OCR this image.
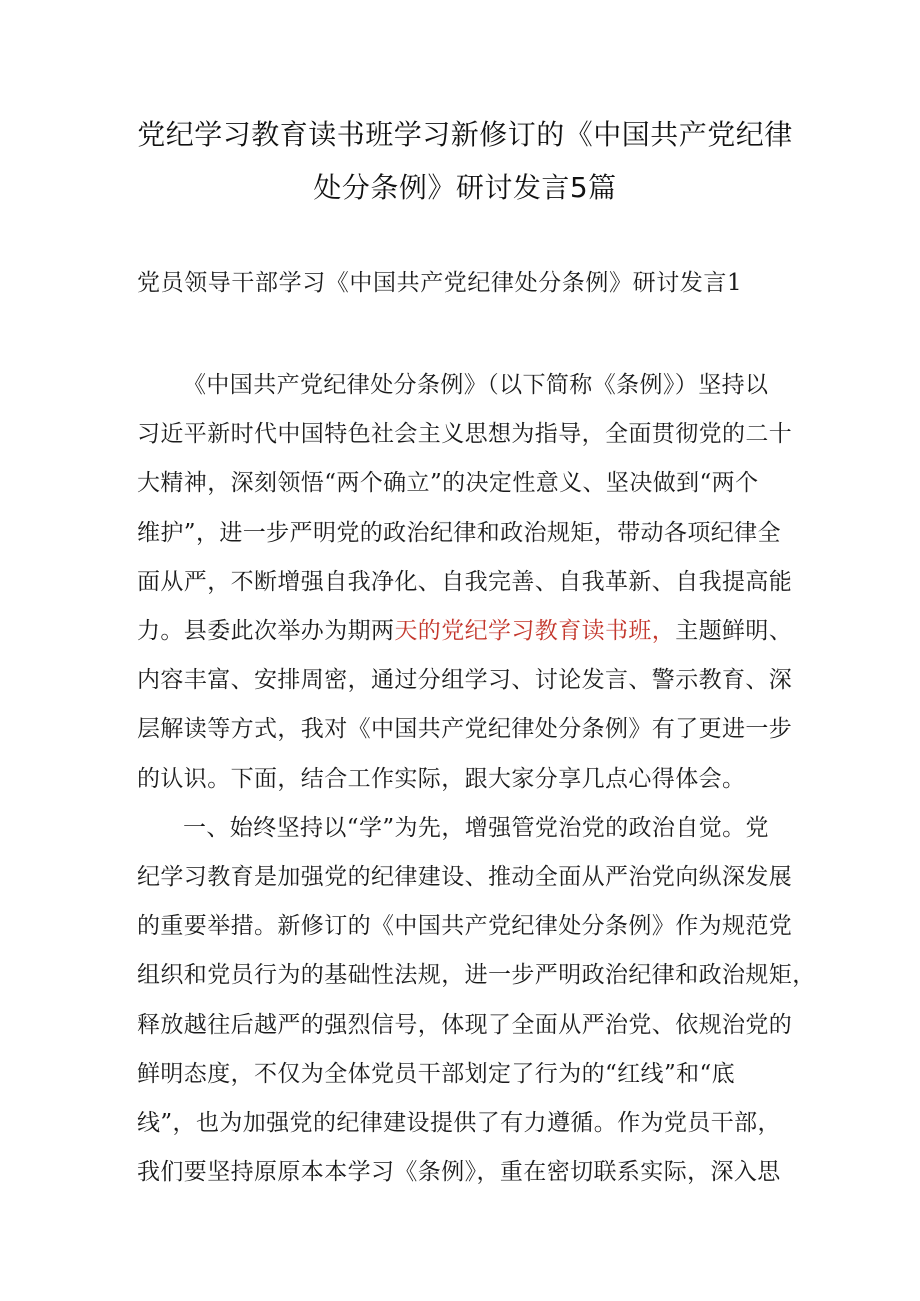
党纪学习教育读书班学习新修订的《中国共产党纪律
处分条例》研讨发言5篇
党员领导干部学习《中国共产党纪律处分条例》研讨发言1
《中国共产党纪律处分条例》（以下简称《条例》）坚持以
习近平新时代中国特色社会主义思想为指导，全面贯彻党的二十
大精神，深刻领悟“两个确立”的决定性意义、坚决做到“两个
维护”，进一步严明党的政治纪律和政治规矩，带动各项纪律全
面从严，不断增强自我净化、自我完善、自我革新、自我提高能
力。县委此次举办为期两天的党纪学习教育读书班，主题鲜明、
内容丰富、安排周密，通过分组学习、讨论发言、警示教育、深
层解读等方式，我对《中国共产党纪律处分条例》有了更进一步
的认识。下面，结合工作实际，跟大家分享几点心得体会。
一、始终坚持以“学”为先，增强管党治党的政治自觉。党
纪学习教育是加强党的纪律建设、推动全面从严治党向纵深发展
的重要举措。新修订的《中国共产党纪律处分条例》作为规范党
组织和党员行为的基础性法规，进一步严明政治纪律和政治规矩，
释放越往后越严的强烈信号，体现了全面从严治党、依规治党的
鲜明态度，不仅为全体党员干部划定了行为的“红线”和“底
线”，也为加强党的纪律建设提供了有力遵循。作为党员干部，
我们要坚持原原本本学习《条例》，重在密切联系实际，深入思
